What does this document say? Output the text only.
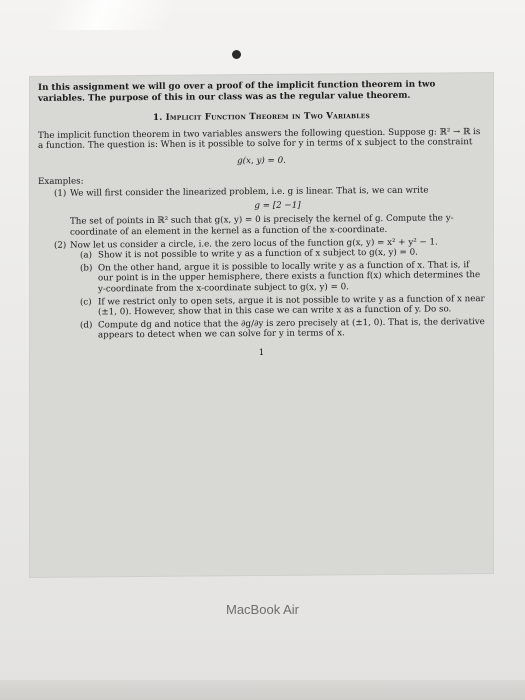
In this assignment we will go over a proof of the implicit function theorem in two variables. The purpose of this in our class was as the regular value theorem.

1. Implicit Function Theorem in Two Variables

The implicit function theorem in two variables answers the following question. Suppose g: ℝ² → ℝ is a function. The question is: When is it possible to solve for y in terms of x subject to the constraint

g(x, y) = 0.

Examples:

(1) We will first consider the linearized problem, i.e. g is linear. That is, we can write

g = [2 −1]

The set of points in ℝ² such that g(x, y) = 0 is precisely the kernel of g. Compute the y-coordinate of an element in the kernel as a function of the x-coordinate.

(2) Now let us consider a circle, i.e. the zero locus of the function g(x, y) = x² + y² − 1.

(a) Show it is not possible to write y as a function of x subject to g(x, y) = 0.

(b) On the other hand, argue it is possible to locally write y as a function of x. That is, if our point is in the upper hemisphere, there exists a function f(x) which determines the y-coordinate from the x-coordinate subject to g(x, y) = 0.

(c) If we restrict only to open sets, argue it is not possible to write y as a function of x near (±1, 0). However, show that in this case we can write x as a function of y. Do so.

(d) Compute dg and notice that the ∂g/∂y is zero precisely at (±1, 0). That is, the derivative appears to detect when we can solve for y in terms of x.

1

MacBook Air
